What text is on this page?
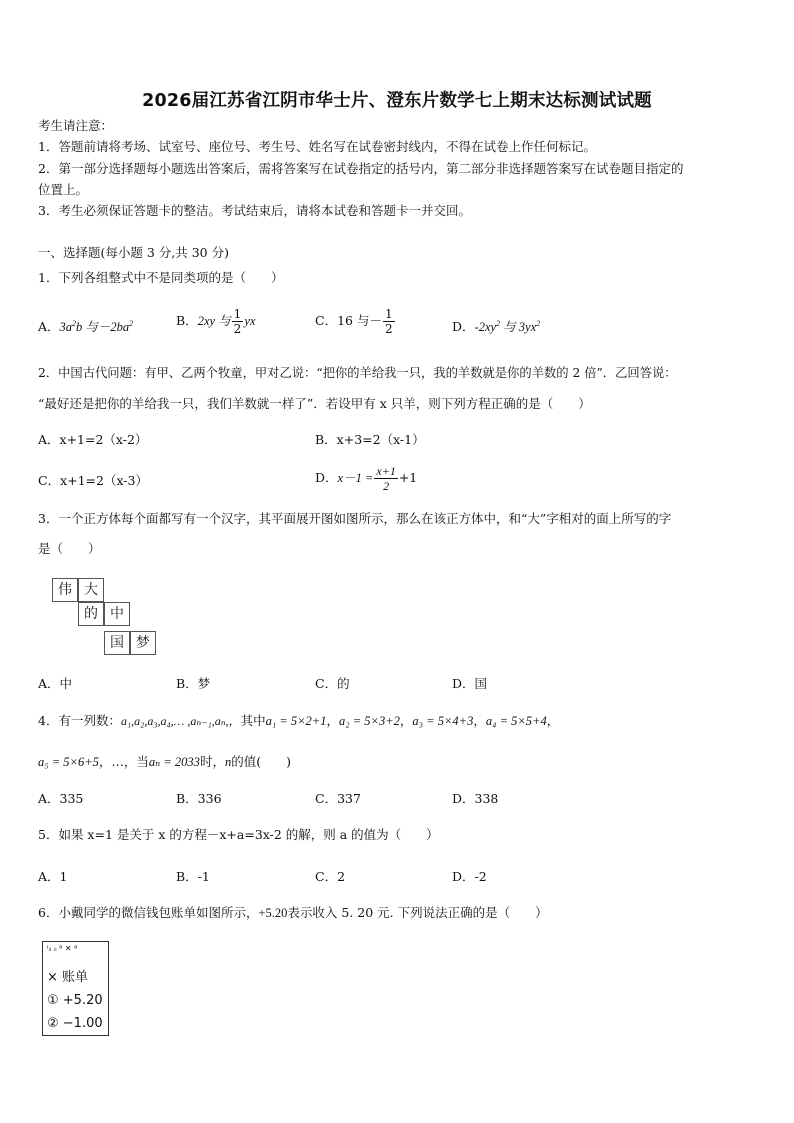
2026届江苏省江阴市华士片、澄东片数学七上期末达标测试试题
考生请注意：
1．答题前请将考场、试室号、座位号、考生号、姓名写在试卷密封线内，不得在试卷上作任何标记。
2．第一部分选择题每小题选出答案后，需将答案写在试卷指定的括号内，第二部分非选择题答案写在试卷题目指定的
位置上。
3．考生必须保证答题卡的整洁。考试结束后，请将本试卷和答题卡一并交回。
一、选择题(每小题 3 分,共 30 分)
1．下列各组整式中不是同类项的是（　　）
A．$3a^2b$ 与$-2ba^2$	B．2xy 与 $\frac{1}{2}$ yx	C．16 与－ $\frac{1}{2}$	D．$-2xy^2$ 与 $3yx^2$
2．中国古代问题：有甲、乙两个牧童，甲对乙说：“把你的羊给我一只，我的羊数就是你的羊数的 2 倍”．乙回答说：
“最好还是把你的羊给我一只，我们羊数就一样了”．若设甲有 x 只羊，则下列方程正确的是（　　）
A．x+1=2（x-2）	B．x+3=2（x-1）
C．x+1=2（x-3）	D．$x-1 = \frac{x+1}{2} +1$
3．一个正方体每个面都写有一个汉字，其平面展开图如图所示，那么在该正方体中，和“大”字相对的面上所写的字
是（　　）
伟 大
的 中
国 梦
A．中	B．梦	C．的	D．国
4．有一列数：a₁,a₂,a₃,a₄,… ,aₙ₋₁,aₙ,，其中a₁ = 5×2+1，a₂ = 5×3+2，a₃ = 5×4+3，a₄ = 5×5+4，
a₅ = 5×6+5，…，当aₙ = 2033时，n的值(　　)
A．335	B．336	C．337	D．338
5．如果 x=1 是关于 x 的方程－x+a=3x-2 的解，则 a 的值为（　　）
A．1	B．-1	C．2	D．-2
6．小戴同学的微信钱包账单如图所示，+5.20表示收入 5. 20 元. 下列说法正确的是（　　）
ᴵᵢₗ ᵢₗ ⁸ ✕ ⁸
× 账单
① +5.20
② −1.00
